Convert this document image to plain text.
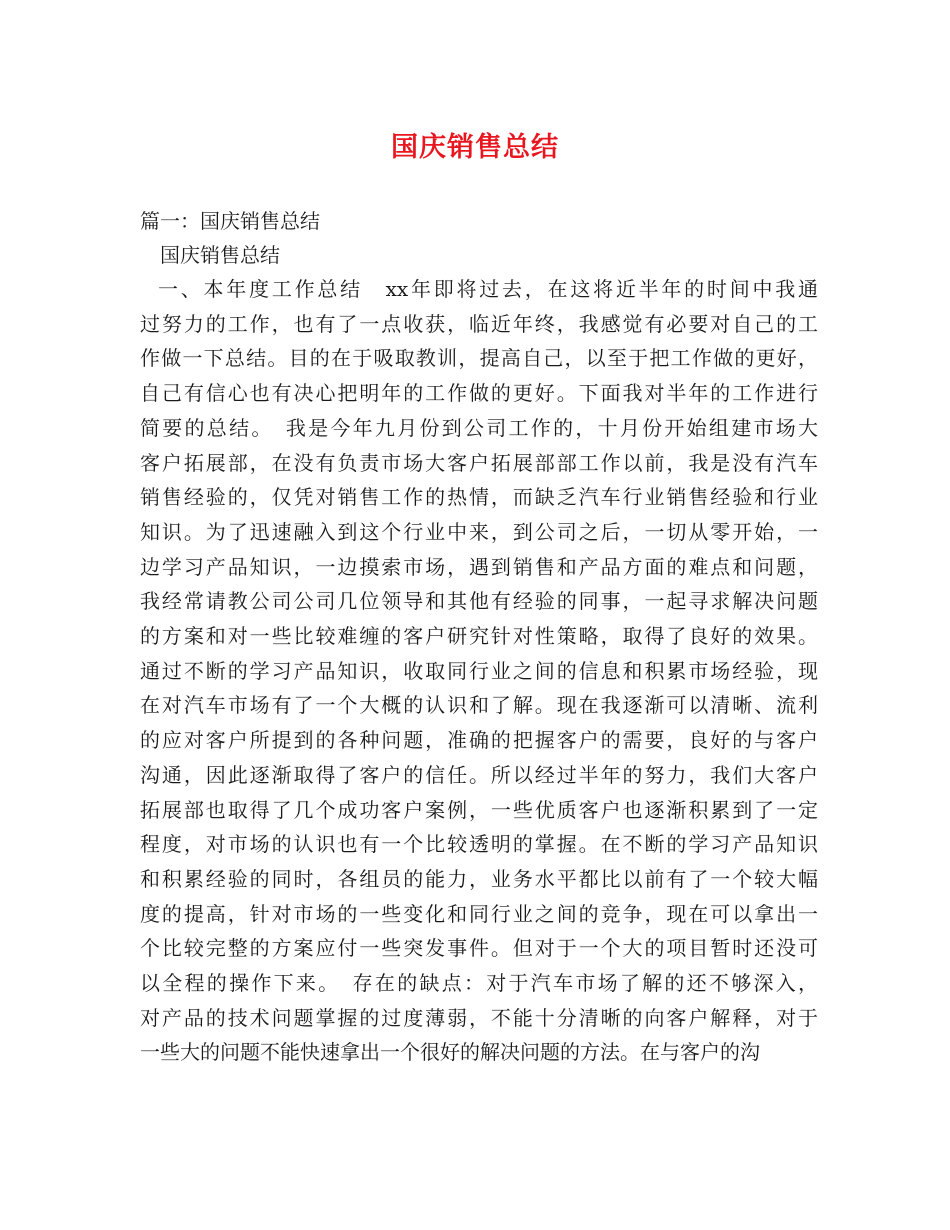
国庆销售总结

篇一：国庆销售总结

国庆销售总结

一、本年度工作总结　xx年即将过去，在这将近半年的时间中我通
过努力的工作，也有了一点收获，临近年终，我感觉有必要对自己的工
作做一下总结。目的在于吸取教训，提高自己，以至于把工作做的更好，
自己有信心也有决心把明年的工作做的更好。下面我对半年的工作进行
简要的总结。　我是今年九月份到公司工作的，十月份开始组建市场大
客户拓展部，在没有负责市场大客户拓展部部工作以前，我是没有汽车
销售经验的，仅凭对销售工作的热情，而缺乏汽车行业销售经验和行业
知识。为了迅速融入到这个行业中来，到公司之后，一切从零开始，一
边学习产品知识，一边摸索市场，遇到销售和产品方面的难点和问题，
我经常请教公司公司几位领导和其他有经验的同事，一起寻求解决问题
的方案和对一些比较难缠的客户研究针对性策略，取得了良好的效果。
通过不断的学习产品知识，收取同行业之间的信息和积累市场经验，现
在对汽车市场有了一个大概的认识和了解。现在我逐渐可以清晰、流利
的应对客户所提到的各种问题，准确的把握客户的需要，良好的与客户
沟通，因此逐渐取得了客户的信任。所以经过半年的努力，我们大客户
拓展部也取得了几个成功客户案例，一些优质客户也逐渐积累到了一定
程度，对市场的认识也有一个比较透明的掌握。在不断的学习产品知识
和积累经验的同时，各组员的能力，业务水平都比以前有了一个较大幅
度的提高，针对市场的一些变化和同行业之间的竞争，现在可以拿出一
个比较完整的方案应付一些突发事件。但对于一个大的项目暂时还没可
以全程的操作下来。　存在的缺点：对于汽车市场了解的还不够深入，
对产品的技术问题掌握的过度薄弱，不能十分清晰的向客户解释，对于
一些大的问题不能快速拿出一个很好的解决问题的方法。在与客户的沟
